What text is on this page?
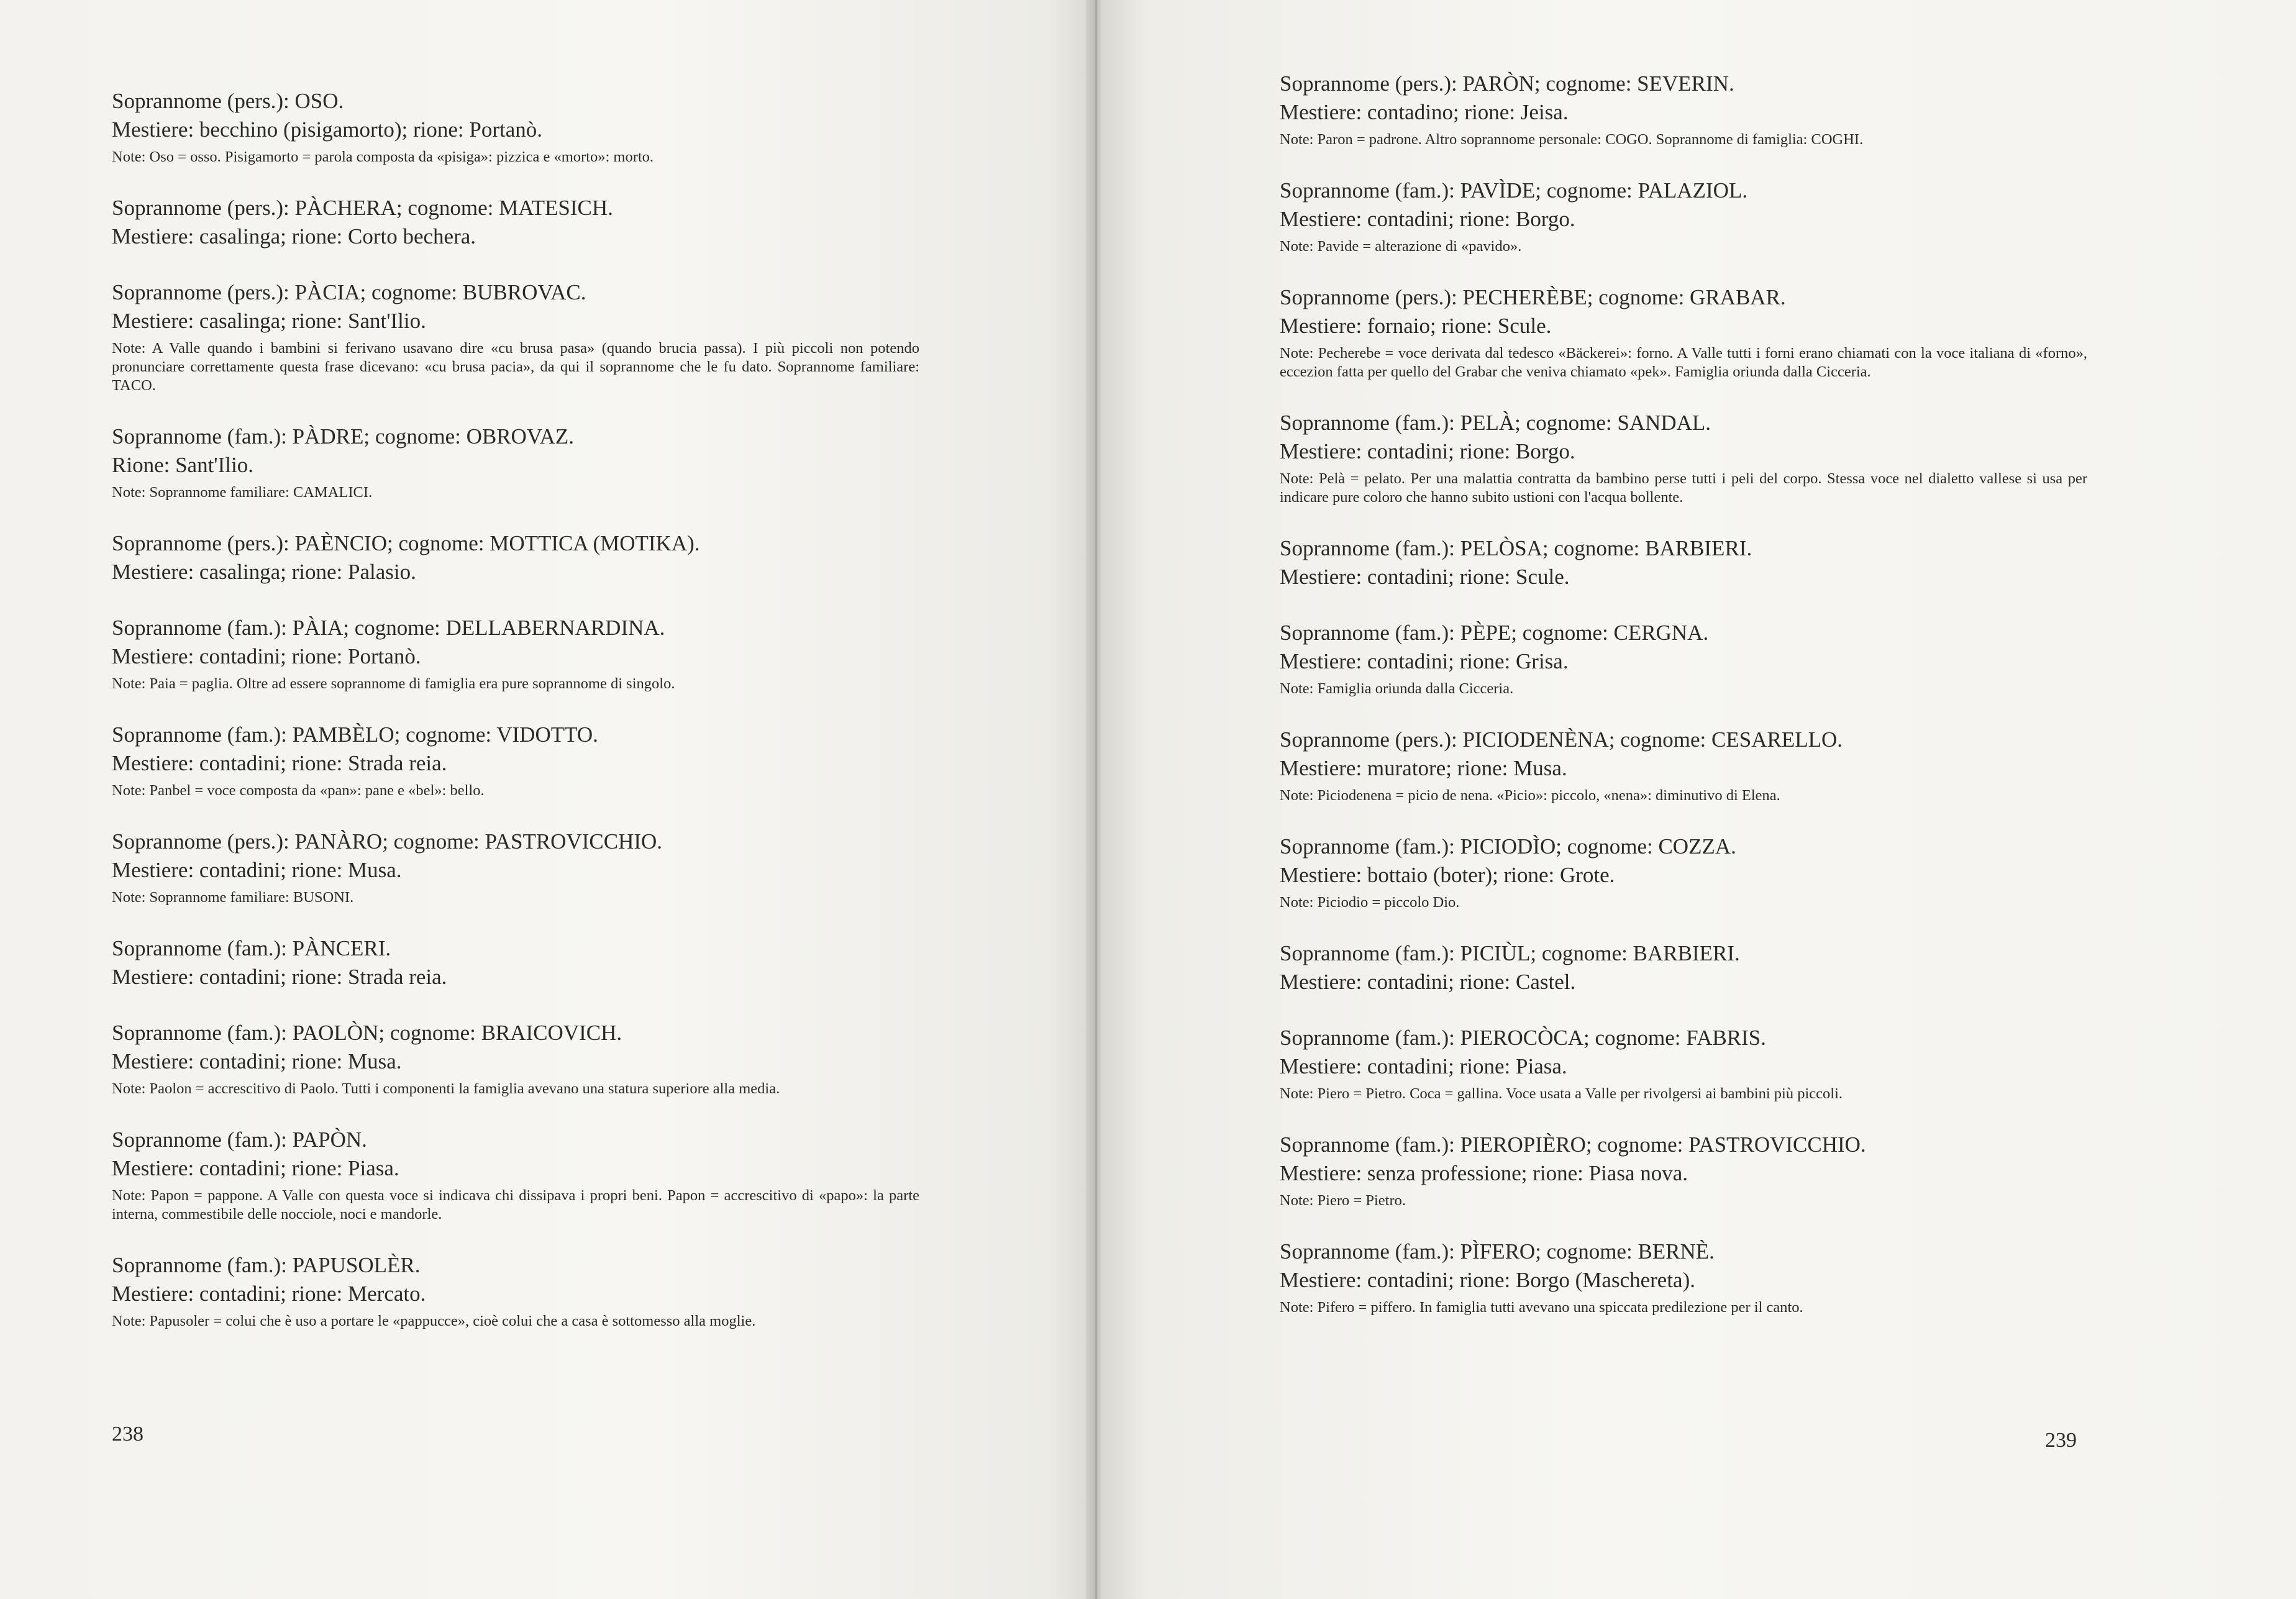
Soprannome (pers.): OSO.
Mestiere: becchino (pisigamorto); rione: Portanò.
Note: Oso = osso. Pisigamorto = parola composta da «pisiga»: pizzica e «morto»: morto.
Soprannome (pers.): PÀCHERA; cognome: MATESICH.
Mestiere: casalinga; rione: Corto bechera.
Soprannome (pers.): PÀCIA; cognome: BUBROVAC.
Mestiere: casalinga; rione: Sant'Ilio.
Note: A Valle quando i bambini si ferivano usavano dire «cu brusa pasa» (quando brucia passa). I più piccoli non potendo pronunciare correttamente questa frase dicevano: «cu brusa pacia», da qui il soprannome che le fu dato. Soprannome familiare: TACO.
Soprannome (fam.): PÀDRE; cognome: OBROVAZ.
Rione: Sant'Ilio.
Note: Soprannome familiare: CAMALICI.
Soprannome (pers.): PAÈNCIO; cognome: MOTTICA (MOTIKA).
Mestiere: casalinga; rione: Palasio.
Soprannome (fam.): PÀIA; cognome: DELLABERNARDINA.
Mestiere: contadini; rione: Portanò.
Note: Paia = paglia. Oltre ad essere soprannome di famiglia era pure soprannome di singolo.
Soprannome (fam.): PAMBÈLO; cognome: VIDOTTO.
Mestiere: contadini; rione: Strada reia.
Note: Panbel = voce composta da «pan»: pane e «bel»: bello.
Soprannome (pers.): PANÀRO; cognome: PASTROVICCHIO.
Mestiere: contadini; rione: Musa.
Note: Soprannome familiare: BUSONI.
Soprannome (fam.): PÀNCERI.
Mestiere: contadini; rione: Strada reia.
Soprannome (fam.): PAOLÒN; cognome: BRAICOVICH.
Mestiere: contadini; rione: Musa.
Note: Paolon = accrescitivo di Paolo. Tutti i componenti la famiglia avevano una statura superiore alla media.
Soprannome (fam.): PAPÒN.
Mestiere: contadini; rione: Piasa.
Note: Papon = pappone. A Valle con questa voce si indicava chi dissipava i propri beni. Papon = accrescitivo di «papo»: la parte interna, commestibile delle nocciole, noci e mandorle.
Soprannome (fam.): PAPUSOLÈR.
Mestiere: contadini; rione: Mercato.
Note: Papusoler = colui che è uso a portare le «pappucce», cioè colui che a casa è sottomesso alla moglie.
238	239
Soprannome (pers.): PARÒN; cognome: SEVERIN.
Mestiere: contadino; rione: Jeisa.
Note: Paron = padrone. Altro soprannome personale: COGO. Soprannome di famiglia: COGHI.
Soprannome (fam.): PAVÌDE; cognome: PALAZIOL.
Mestiere: contadini; rione: Borgo.
Note: Pavide = alterazione di «pavido».
Soprannome (pers.): PECHERÈBE; cognome: GRABAR.
Mestiere: fornaio; rione: Scule.
Note: Pecherebe = voce derivata dal tedesco «Bäckerei»: forno. A Valle tutti i forni erano chiamati con la voce italiana di «forno», eccezion fatta per quello del Grabar che veniva chiamato «pek». Famiglia oriunda dalla Cicceria.
Soprannome (fam.): PELÀ; cognome: SANDAL.
Mestiere: contadini; rione: Borgo.
Note: Pelà = pelato. Per una malattia contratta da bambino perse tutti i peli del corpo. Stessa voce nel dialetto vallese si usa per indicare pure coloro che hanno subito ustioni con l'acqua bollente.
Soprannome (fam.): PELÒSA; cognome: BARBIERI.
Mestiere: contadini; rione: Scule.
Soprannome (fam.): PÈPE; cognome: CERGNA.
Mestiere: contadini; rione: Grisa.
Note: Famiglia oriunda dalla Cicceria.
Soprannome (pers.): PICIODENÈNA; cognome: CESARELLO.
Mestiere: muratore; rione: Musa.
Note: Piciodenena = picio de nena. «Picio»: piccolo, «nena»: diminutivo di Elena.
Soprannome (fam.): PICIODÌO; cognome: COZZA.
Mestiere: bottaio (boter); rione: Grote.
Note: Piciodio = piccolo Dio.
Soprannome (fam.): PICIÙL; cognome: BARBIERI.
Mestiere: contadini; rione: Castel.
Soprannome (fam.): PIEROCÒCA; cognome: FABRIS.
Mestiere: contadini; rione: Piasa.
Note: Piero = Pietro. Coca = gallina. Voce usata a Valle per rivolgersi ai bambini più piccoli.
Soprannome (fam.): PIEROPIÈRO; cognome: PASTROVICCHIO.
Mestiere: senza professione; rione: Piasa nova.
Note: Piero = Pietro.
Soprannome (fam.): PÌFERO; cognome: BERNÈ.
Mestiere: contadini; rione: Borgo (Maschereta).
Note: Pifero = piffero. In famiglia tutti avevano una spiccata predilezione per il canto.
